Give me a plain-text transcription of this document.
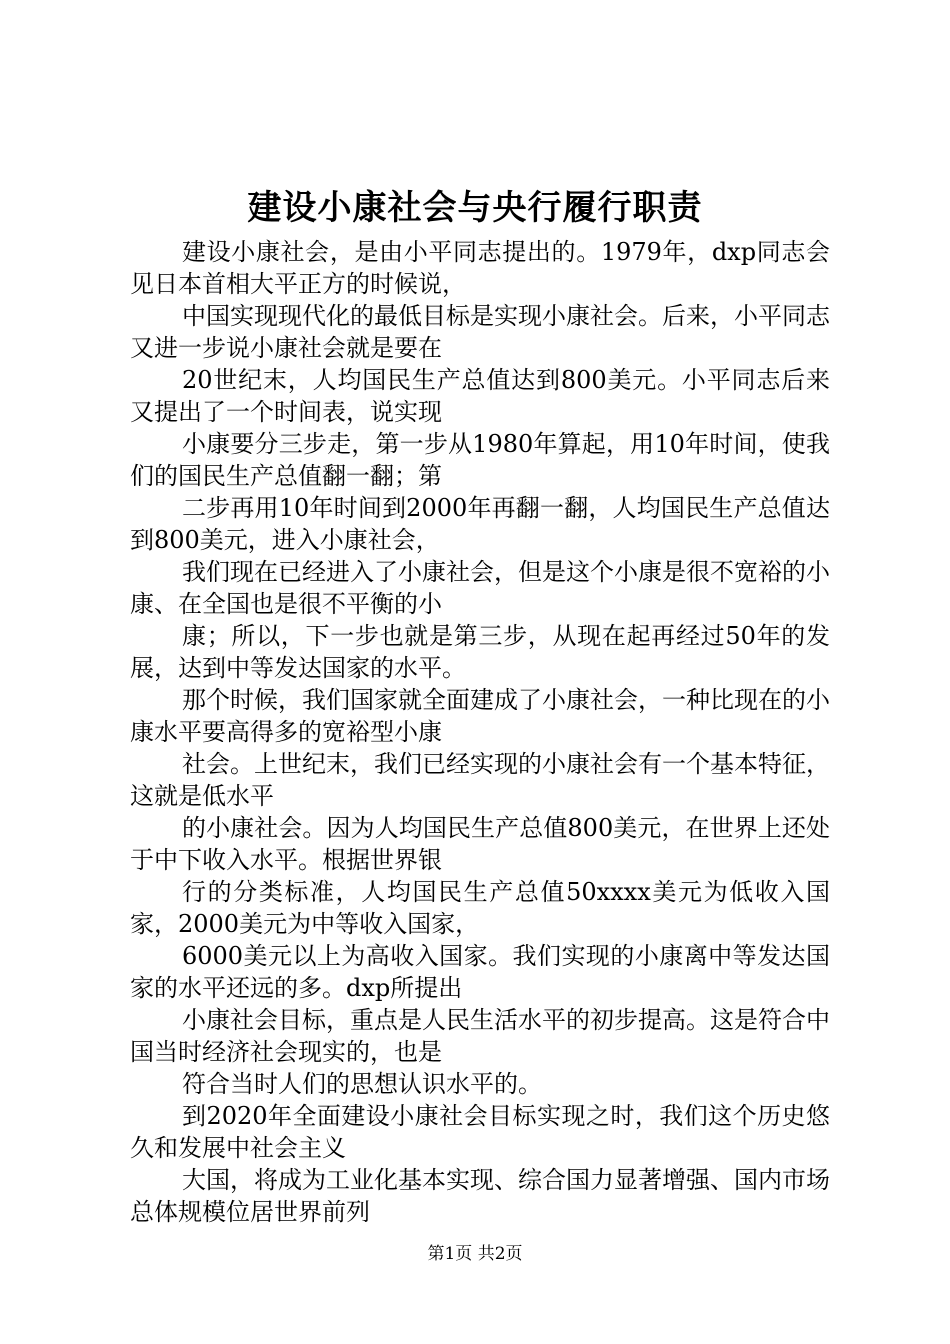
建设小康社会与央行履行职责

建设小康社会，是由小平同志提出的。1979年，dxp同志会见日本首相大平正方的时候说，

中国实现现代化的最低目标是实现小康社会。后来，小平同志又进一步说小康社会就是要在

20世纪末，人均国民生产总值达到800美元。小平同志后来又提出了一个时间表，说实现

小康要分三步走，第一步从1980年算起，用10年时间，使我们的国民生产总值翻一翻；第

二步再用10年时间到2000年再翻一翻，人均国民生产总值达到800美元，进入小康社会，

我们现在已经进入了小康社会，但是这个小康是很不宽裕的小康、在全国也是很不平衡的小

康；所以，下一步也就是第三步，从现在起再经过50年的发展，达到中等发达国家的水平。

那个时候，我们国家就全面建成了小康社会，一种比现在的小康水平要高得多的宽裕型小康

社会。上世纪末，我们已经实现的小康社会有一个基本特征，这就是低水平

的小康社会。因为人均国民生产总值800美元，在世界上还处于中下收入水平。根据世界银

行的分类标准，人均国民生产总值50xxxx美元为低收入国家，2000美元为中等收入国家，

6000美元以上为高收入国家。我们实现的小康离中等发达国家的水平还远的多。dxp所提出

小康社会目标，重点是人民生活水平的初步提高。这是符合中国当时经济社会现实的，也是

符合当时人们的思想认识水平的。

到2020年全面建设小康社会目标实现之时，我们这个历史悠久和发展中社会主义

大国，将成为工业化基本实现、综合国力显著增强、国内市场总体规模位居世界前列

第1页 共2页
